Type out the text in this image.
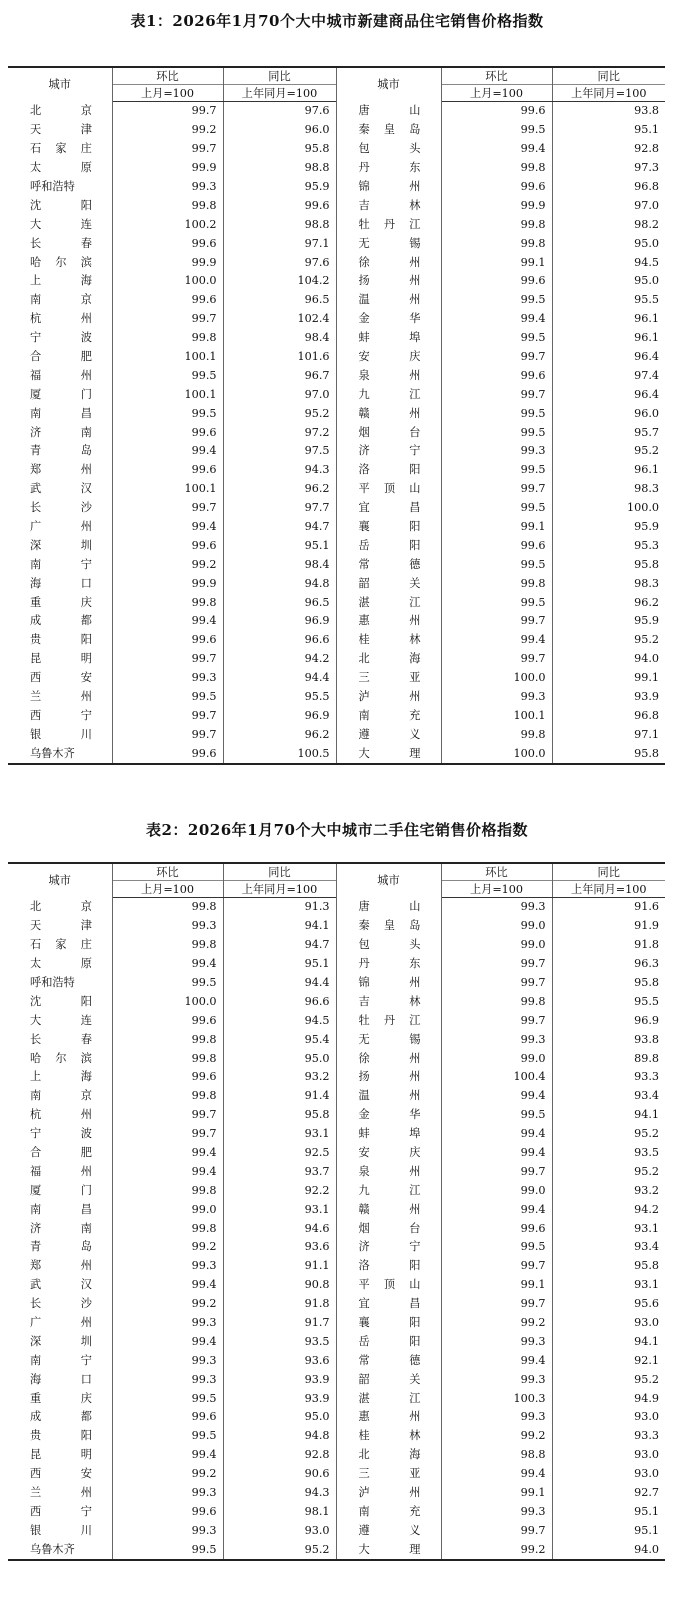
表1：2026年1月70个大中城市新建商品住宅销售价格指数
城市	环比	同比	城市	环比	同比
	上月=100	上年同月=100		上月=100	上年同月=100

北 京	99.7	97.6	唐 山	99.6	93.8

天 津	99.2	96.0	秦 皇 岛	99.5	95.1

石 家 庄	99.7	95.8	包 头	99.4	92.8

太 原	99.9	98.8	丹 东	99.8	97.3

呼和浩特	99.3	95.9	锦 州	99.6	96.8

沈 阳	99.8	99.6	吉 林	99.9	97.0

大 连	100.2	98.8	牡 丹 江	99.8	98.2

长 春	99.6	97.1	无 锡	99.8	95.0

哈 尔 滨	99.9	97.6	徐 州	99.1	94.5

上 海	100.0	104.2	扬 州	99.6	95.0

南 京	99.6	96.5	温 州	99.5	95.5

杭 州	99.7	102.4	金 华	99.4	96.1

宁 波	99.8	98.4	蚌 埠	99.5	96.1

合 肥	100.1	101.6	安 庆	99.7	96.4

福 州	99.5	96.7	泉 州	99.6	97.4

厦 门	100.1	97.0	九 江	99.7	96.4

南 昌	99.5	95.2	赣 州	99.5	96.0

济 南	99.6	97.2	烟 台	99.5	95.7

青 岛	99.4	97.5	济 宁	99.3	95.2

郑 州	99.6	94.3	洛 阳	99.5	96.1

武 汉	100.1	96.2	平 顶 山	99.7	98.3

长 沙	99.7	97.7	宜 昌	99.5	100.0

广 州	99.4	94.7	襄 阳	99.1	95.9

深 圳	99.6	95.1	岳 阳	99.6	95.3

南 宁	99.2	98.4	常 德	99.5	95.8

海 口	99.9	94.8	韶 关	99.8	98.3

重 庆	99.8	96.5	湛 江	99.5	96.2

成 都	99.4	96.9	惠 州	99.7	95.9

贵 阳	99.6	96.6	桂 林	99.4	95.2

昆 明	99.7	94.2	北 海	99.7	94.0

西 安	99.3	94.4	三 亚	100.0	99.1

兰 州	99.5	95.5	泸 州	99.3	93.9

西 宁	99.7	96.9	南 充	100.1	96.8

银 川	99.7	96.2	遵 义	99.8	97.1

乌鲁木齐	99.6	100.5	大 理	100.0	95.8
表2：2026年1月70个大中城市二手住宅销售价格指数
城市	环比	同比	城市	环比	同比
	上月=100	上年同月=100		上月=100	上年同月=100

北 京	99.8	91.3	唐 山	99.3	91.6

天 津	99.3	94.1	秦 皇 岛	99.0	91.9

石 家 庄	99.8	94.7	包 头	99.0	91.8

太 原	99.4	95.1	丹 东	99.7	96.3

呼和浩特	99.5	94.4	锦 州	99.7	95.8

沈 阳	100.0	96.6	吉 林	99.8	95.5

大 连	99.6	94.5	牡 丹 江	99.7	96.9

长 春	99.8	95.4	无 锡	99.3	93.8

哈 尔 滨	99.8	95.0	徐 州	99.0	89.8

上 海	99.6	93.2	扬 州	100.4	93.3

南 京	99.8	91.4	温 州	99.4	93.4

杭 州	99.7	95.8	金 华	99.5	94.1

宁 波	99.7	93.1	蚌 埠	99.4	95.2

合 肥	99.4	92.5	安 庆	99.4	93.5

福 州	99.4	93.7	泉 州	99.7	95.2

厦 门	99.8	92.2	九 江	99.0	93.2

南 昌	99.0	93.1	赣 州	99.4	94.2

济 南	99.8	94.6	烟 台	99.6	93.1

青 岛	99.2	93.6	济 宁	99.5	93.4

郑 州	99.3	91.1	洛 阳	99.7	95.8

武 汉	99.4	90.8	平 顶 山	99.1	93.1

长 沙	99.2	91.8	宜 昌	99.7	95.6

广 州	99.3	91.7	襄 阳	99.2	93.0

深 圳	99.4	93.5	岳 阳	99.3	94.1

南 宁	99.3	93.6	常 德	99.4	92.1

海 口	99.3	93.9	韶 关	99.3	95.2

重 庆	99.5	93.9	湛 江	100.3	94.9

成 都	99.6	95.0	惠 州	99.3	93.0

贵 阳	99.5	94.8	桂 林	99.2	93.3

昆 明	99.4	92.8	北 海	98.8	93.0

西 安	99.2	90.6	三 亚	99.4	93.0

兰 州	99.3	94.3	泸 州	99.1	92.7

西 宁	99.6	98.1	南 充	99.3	95.1

银 川	99.3	93.0	遵 义	99.7	95.1

乌鲁木齐	99.5	95.2	大 理	99.2	94.0
